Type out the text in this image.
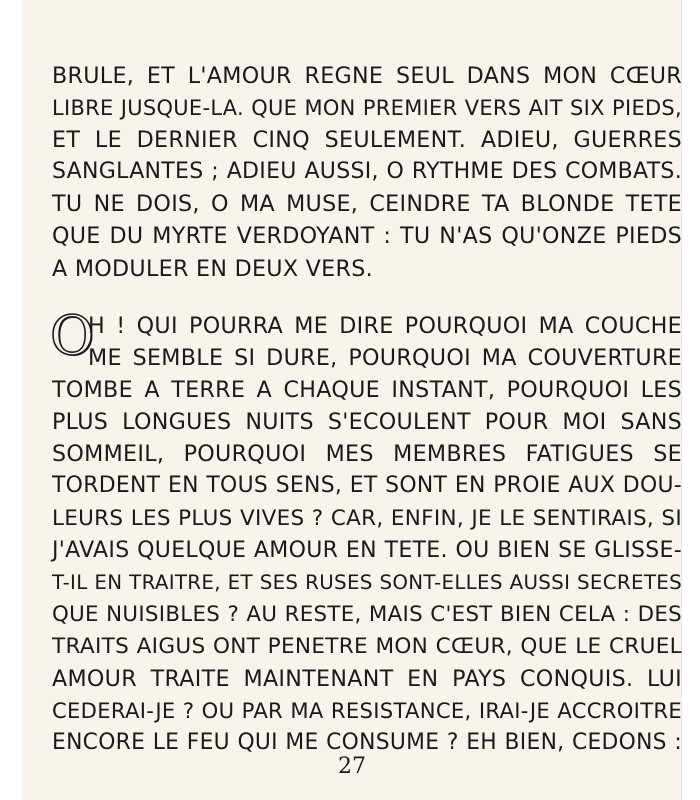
BRULE, ET L'AMOUR REGNE SEUL DANS MON CŒUR
LIBRE JUSQUE-LA. QUE MON PREMIER VERS AIT SIX PIEDS,
ET LE DERNIER CINQ SEULEMENT. ADIEU, GUERRES
SANGLANTES ; ADIEU AUSSI, O RYTHME DES COMBATS.
TU NE DOIS, O MA MUSE, CEINDRE TA BLONDE TETE
QUE DU MYRTE VERDOYANT : TU N'AS QU'ONZE PIEDS
A MODULER EN DEUX VERS.
O
H ! QUI POURRA ME DIRE POURQUOI MA COUCHE
ME SEMBLE SI DURE, POURQUOI MA COUVERTURE
TOMBE A TERRE A CHAQUE INSTANT, POURQUOI LES
PLUS LONGUES NUITS S'ECOULENT POUR MOI SANS
SOMMEIL, POURQUOI MES MEMBRES FATIGUES SE
TORDENT EN TOUS SENS, ET SONT EN PROIE AUX DOU-
LEURS LES PLUS VIVES ? CAR, ENFIN, JE LE SENTIRAIS, SI
J'AVAIS QUELQUE AMOUR EN TETE. OU BIEN SE GLISSE-
T-IL EN TRAITRE, ET SES RUSES SONT-ELLES AUSSI SECRETES
QUE NUISIBLES ? AU RESTE, MAIS C'EST BIEN CELA : DES
TRAITS AIGUS ONT PENETRE MON CŒUR, QUE LE CRUEL
AMOUR TRAITE MAINTENANT EN PAYS CONQUIS. LUI
CEDERAI-JE ? OU PAR MA RESISTANCE, IRAI-JE ACCROITRE
ENCORE LE FEU QUI ME CONSUME ? EH BIEN, CEDONS :
27
